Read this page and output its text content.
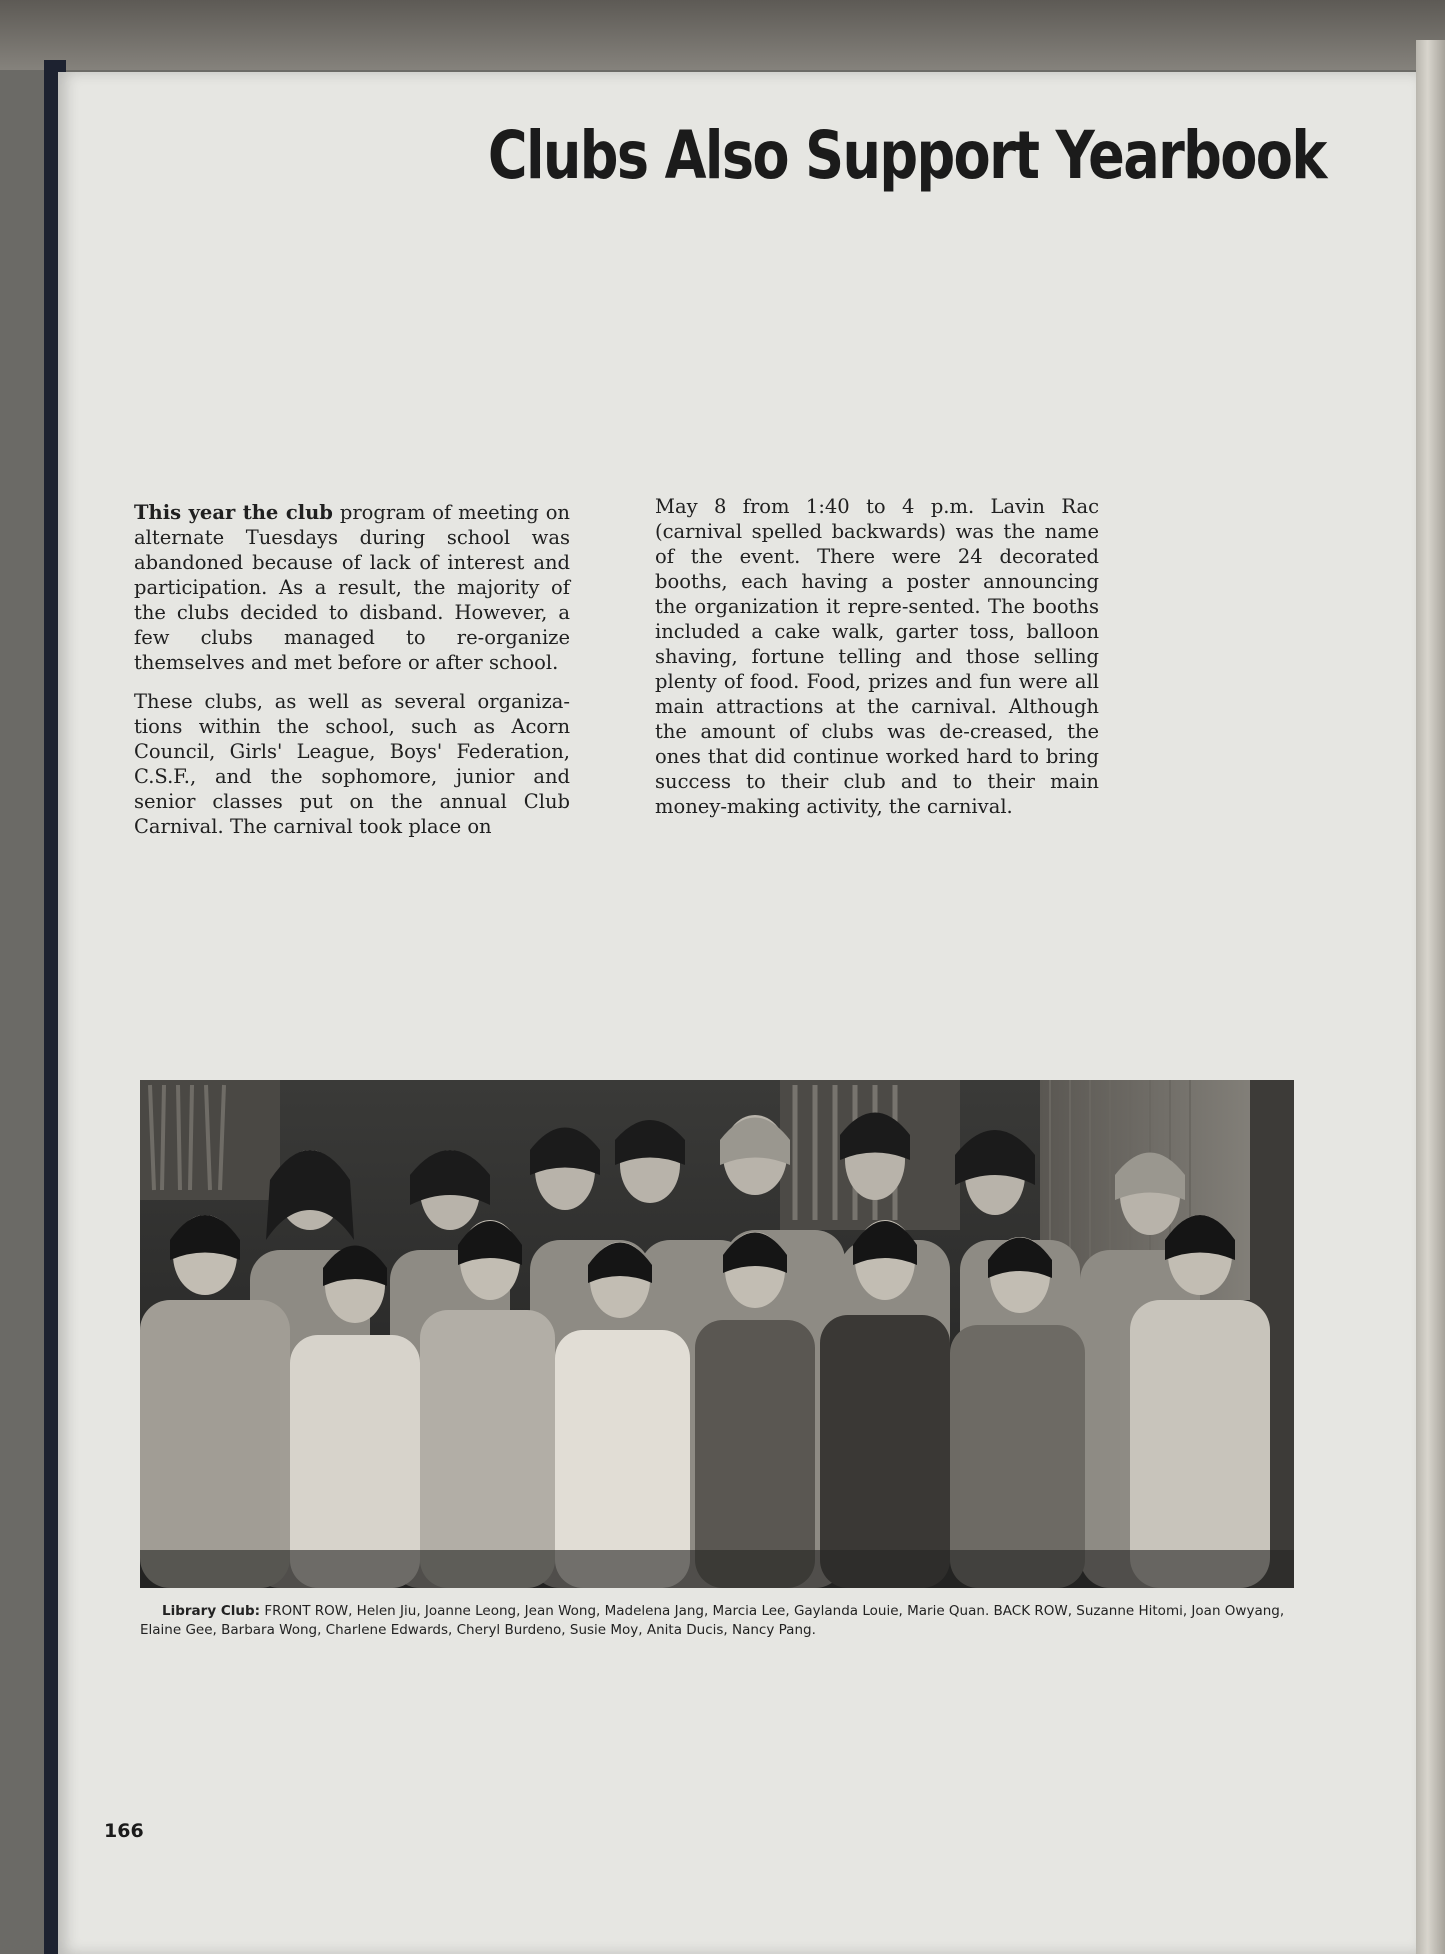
Clubs Also Support Yearbook

This year the club program of meeting on alternate Tuesdays during school was abandoned because of lack of interest and participation. As a result, the majority of the clubs decided to disband. However, a few clubs managed to re-organize themselves and met before or after school.

These clubs, as well as several organiza-tions within the school, such as Acorn Council, Girls' League, Boys' Federation, C.S.F., and the sophomore, junior and senior classes put on the annual Club Carnival. The carnival took place on

May 8 from 1:40 to 4 p.m. Lavin Rac (carnival spelled backwards) was the name of the event. There were 24 decorated booths, each having a poster announcing the organization it repre-sented. The booths included a cake walk, garter toss, balloon shaving, fortune telling and those selling plenty of food. Food, prizes and fun were all main attractions at the carnival. Although the amount of clubs was de-creased, the ones that did continue worked hard to bring success to their club and to their main money-making activity, the carnival.

Library Club: FRONT ROW, Helen Jiu, Joanne Leong, Jean Wong, Madelena Jang, Marcia Lee, Gaylanda Louie, Marie Quan. BACK ROW, Suzanne Hitomi, Joan Owyang, Elaine Gee, Barbara Wong, Charlene Edwards, Cheryl Burdeno, Susie Moy, Anita Ducis, Nancy Pang.
166
